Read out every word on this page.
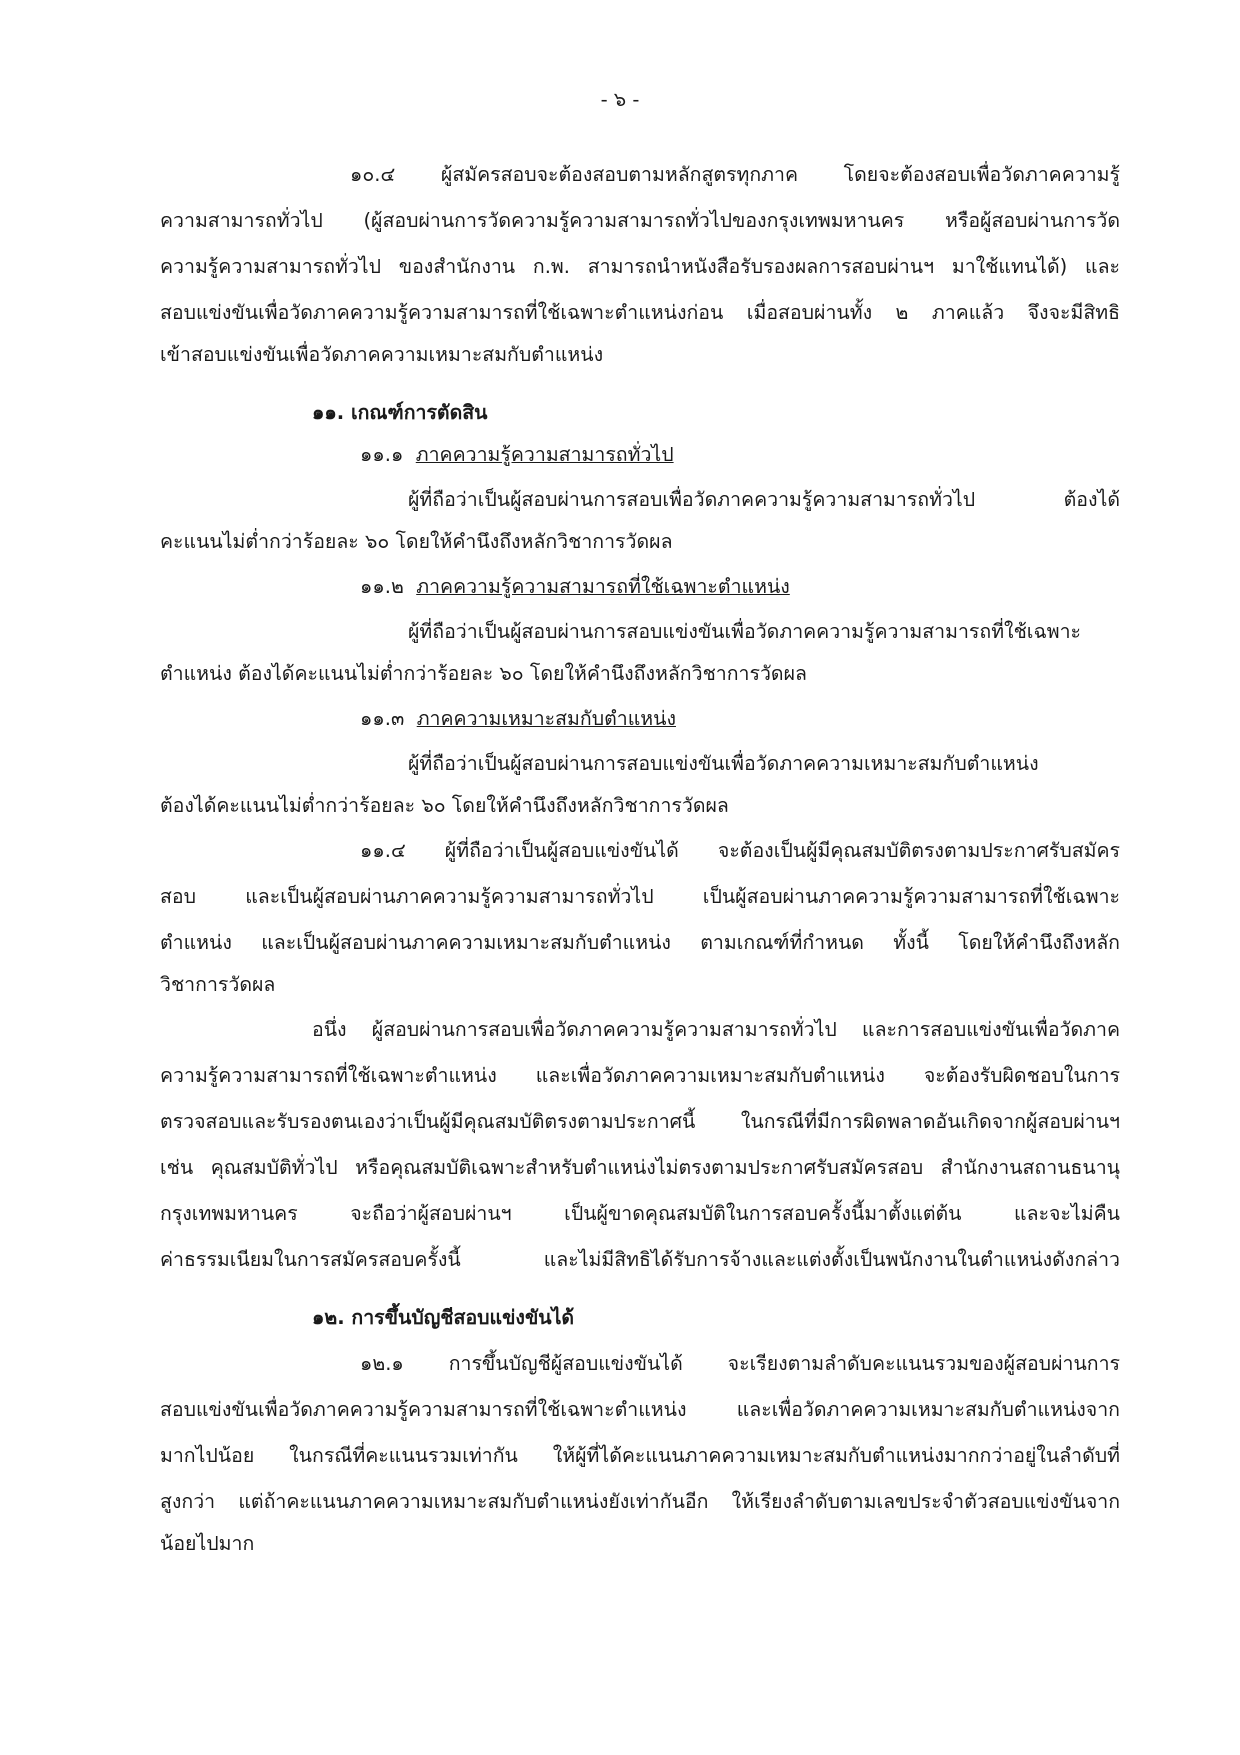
- ๖ -
๑๐.๔ ผู้สมัครสอบจะต้องสอบตามหลักสูตรทุกภาค โดยจะต้องสอบเพื่อวัดภาคความรู้
ความสามารถทั่วไป (ผู้สอบผ่านการวัดความรู้ความสามารถทั่วไปของกรุงเทพมหานคร หรือผู้สอบผ่านการวัด
ความรู้ความสามารถทั่วไป ของสำนักงาน ก.พ. สามารถนำหนังสือรับรองผลการสอบผ่านฯ มาใช้แทนได้) และ
สอบแข่งขันเพื่อวัดภาคความรู้ความสามารถที่ใช้เฉพาะตำแหน่งก่อน เมื่อสอบผ่านทั้ง ๒ ภาคแล้ว จึงจะมีสิทธิ
เข้าสอบแข่งขันเพื่อวัดภาคความเหมาะสมกับตำแหน่ง
๑๑. เกณฑ์การตัดสิน
๑๑.๑ ภาคความรู้ความสามารถทั่วไป
ผู้ที่ถือว่าเป็นผู้สอบผ่านการสอบเพื่อวัดภาคความรู้ความสามารถทั่วไป ต้องได้
คะแนนไม่ต่ำกว่าร้อยละ ๖๐ โดยให้คำนึงถึงหลักวิชาการวัดผล
๑๑.๒ ภาคความรู้ความสามารถที่ใช้เฉพาะตำแหน่ง
ผู้ที่ถือว่าเป็นผู้สอบผ่านการสอบแข่งขันเพื่อวัดภาคความรู้ความสามารถที่ใช้เฉพาะ
ตำแหน่ง ต้องได้คะแนนไม่ต่ำกว่าร้อยละ ๖๐ โดยให้คำนึงถึงหลักวิชาการวัดผล
๑๑.๓ ภาคความเหมาะสมกับตำแหน่ง
ผู้ที่ถือว่าเป็นผู้สอบผ่านการสอบแข่งขันเพื่อวัดภาคความเหมาะสมกับตำแหน่ง
ต้องได้คะแนนไม่ต่ำกว่าร้อยละ ๖๐ โดยให้คำนึงถึงหลักวิชาการวัดผล
๑๑.๔ ผู้ที่ถือว่าเป็นผู้สอบแข่งขันได้ จะต้องเป็นผู้มีคุณสมบัติตรงตามประกาศรับสมัคร
สอบ และเป็นผู้สอบผ่านภาคความรู้ความสามารถทั่วไป เป็นผู้สอบผ่านภาคความรู้ความสามารถที่ใช้เฉพาะ
ตำแหน่ง และเป็นผู้สอบผ่านภาคความเหมาะสมกับตำแหน่ง ตามเกณฑ์ที่กำหนด ทั้งนี้ โดยให้คำนึงถึงหลัก
วิชาการวัดผล
อนึ่ง ผู้สอบผ่านการสอบเพื่อวัดภาคความรู้ความสามารถทั่วไป และการสอบแข่งขันเพื่อวัดภาค
ความรู้ความสามารถที่ใช้เฉพาะตำแหน่ง และเพื่อวัดภาคความเหมาะสมกับตำแหน่ง จะต้องรับผิดชอบในการ
ตรวจสอบและรับรองตนเองว่าเป็นผู้มีคุณสมบัติตรงตามประกาศนี้ ในกรณีที่มีการผิดพลาดอันเกิดจากผู้สอบผ่านฯ
เช่น คุณสมบัติทั่วไป หรือคุณสมบัติเฉพาะสำหรับตำแหน่งไม่ตรงตามประกาศรับสมัครสอบ สำนักงานสถานธนานุ
กรุงเทพมหานคร จะถือว่าผู้สอบผ่านฯ เป็นผู้ขาดคุณสมบัติในการสอบครั้งนี้มาตั้งแต่ต้น และจะไม่คืน
ค่าธรรมเนียมในการสมัครสอบครั้งนี้ และไม่มีสิทธิได้รับการจ้างและแต่งตั้งเป็นพนักงานในตำแหน่งดังกล่าว
๑๒. การขึ้นบัญชีสอบแข่งขันได้
๑๒.๑ การขึ้นบัญชีผู้สอบแข่งขันได้ จะเรียงตามลำดับคะแนนรวมของผู้สอบผ่านการ
สอบแข่งขันเพื่อวัดภาคความรู้ความสามารถที่ใช้เฉพาะตำแหน่ง และเพื่อวัดภาคความเหมาะสมกับตำแหน่งจาก
มากไปน้อย ในกรณีที่คะแนนรวมเท่ากัน ให้ผู้ที่ได้คะแนนภาคความเหมาะสมกับตำแหน่งมากกว่าอยู่ในลำดับที่
สูงกว่า แต่ถ้าคะแนนภาคความเหมาะสมกับตำแหน่งยังเท่ากันอีก ให้เรียงลำดับตามเลขประจำตัวสอบแข่งขันจาก
น้อยไปมาก
